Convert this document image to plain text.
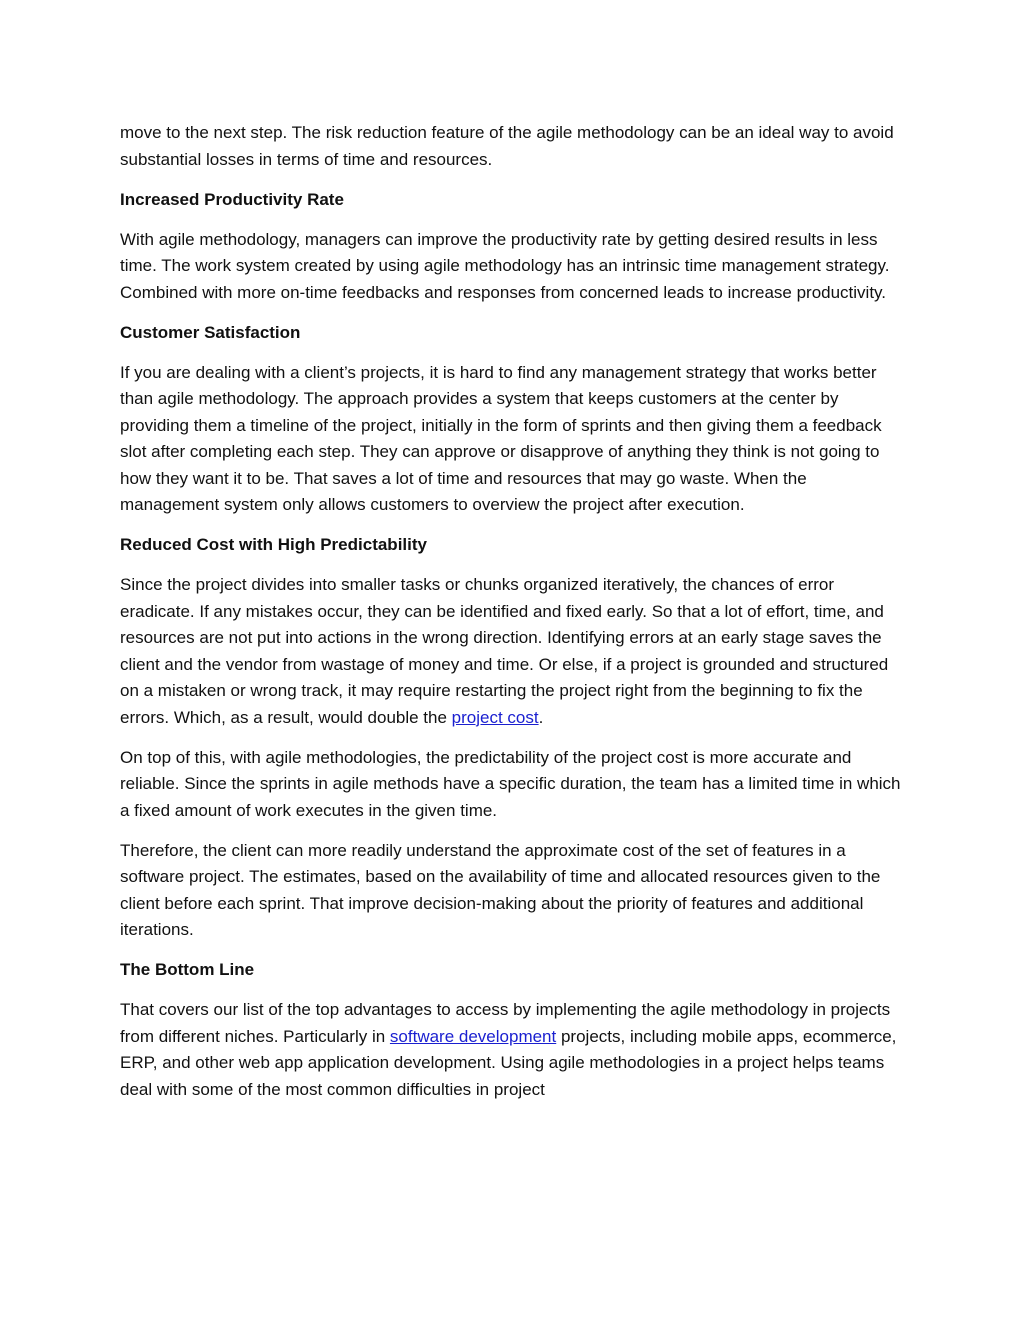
move to the next step. The risk reduction feature of the agile methodology can be an ideal way to avoid substantial losses in terms of time and resources.

Increased Productivity Rate

With agile methodology, managers can improve the productivity rate by getting desired results in less time. The work system created by using agile methodology has an intrinsic time management strategy. Combined with more on-time feedbacks and responses from concerned leads to increase productivity.

Customer Satisfaction

If you are dealing with a client’s projects, it is hard to find any management strategy that works better than agile methodology. The approach provides a system that keeps customers at the center by providing them a timeline of the project, initially in the form of sprints and then giving them a feedback slot after completing each step. They can approve or disapprove of anything they think is not going to how they want it to be. That saves a lot of time and resources that may go waste. When the management system only allows customers to overview the project after execution.

Reduced Cost with High Predictability

Since the project divides into smaller tasks or chunks organized iteratively, the chances of error eradicate. If any mistakes occur, they can be identified and fixed early. So that a lot of effort, time, and resources are not put into actions in the wrong direction. Identifying errors at an early stage saves the client and the vendor from wastage of money and time. Or else, if a project is grounded and structured on a mistaken or wrong track, it may require restarting the project right from the beginning to fix the errors. Which, as a result, would double the project cost.

On top of this, with agile methodologies, the predictability of the project cost is more accurate and reliable. Since the sprints in agile methods have a specific duration, the team has a limited time in which a fixed amount of work executes in the given time.

Therefore, the client can more readily understand the approximate cost of the set of features in a software project. The estimates, based on the availability of time and allocated resources given to the client before each sprint. That improve decision-making about the priority of features and additional iterations.

The Bottom Line

That covers our list of the top advantages to access by implementing the agile methodology in projects from different niches. Particularly in software development projects, including mobile apps, ecommerce, ERP, and other web app application development. Using agile methodologies in a project helps teams deal with some of the most common difficulties in project
